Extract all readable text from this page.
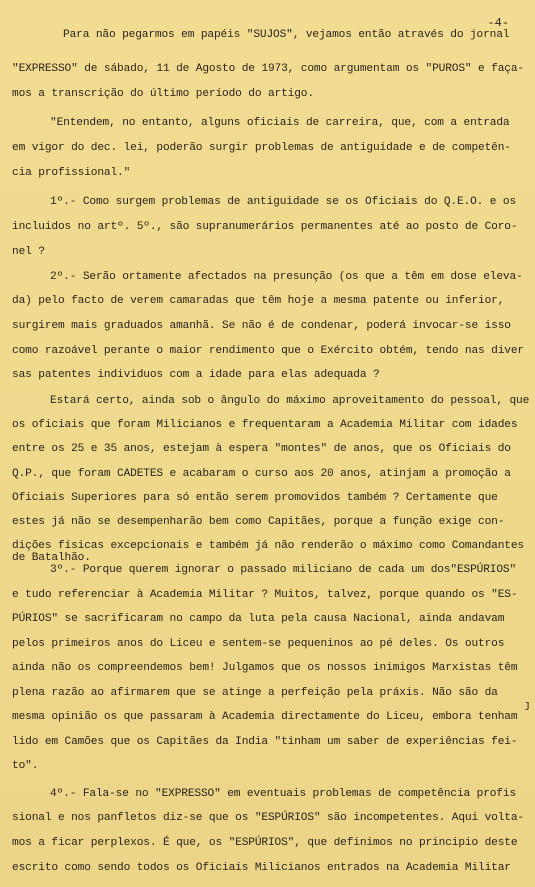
-4-
Para não pegarmos em papéis "SUJOS", vejamos então através do jornal
"EXPRESSO" de sábado, 11 de Agosto de 1973, como argumentam os "PUROS" e faça-
mos a transcrição do último período do artigo.
"Entendem, no entanto, alguns oficiais de carreira, que, com a entrada
em vigor do dec. lei, poderão surgir problemas de antiguidade e de competên-
cia profissional."
1º.- Como surgem problemas de antiguidade se os Oficiais do Q.E.O. e os
incluidos no artº. 5º., são supranumerários permanentes até ao posto de Coro-
nel ?
2º.- Serão ortamente afectados na presunção (os que a têm em dose eleva-
da) pelo facto de verem camaradas que têm hoje a mesma patente ou inferior,
surgirem mais graduados amanhã. Se não é de condenar, poderá invocar-se isso
como razoável perante o maior rendimento que o Exército obtém, tendo nas diver
sas patentes individuos com a idade para elas adequada ?
Estará certo, ainda sob o ângulo do máximo aproveitamento do pessoal, que
os oficiais que foram Milicianos e frequentaram a Academia Militar com idades
entre os 25 e 35 anos, estejam à espera "montes" de anos, que os Oficiais do
Q.P., que foram CADETES e acabaram o curso aos 20 anos, atinjam a promoção a
Oficiais Superiores para só então serem promovidos também ? Certamente que
estes já não se desempenharão bem como Capitães, porque a função exige con-
dições físicas excepcionais e também já não renderão o máximo como Comandantes
de Batalhão.
3º.- Porque querem ignorar o passado miliciano de cada um dos"ESPÚRIOS"
e tudo referenciar à Academia Militar ? Muitos, talvez, porque quando os "ES-
PÚRIOS" se sacrificaram no campo da luta pela causa Nacional, ainda andavam
pelos primeiros anos do Liceu e sentem-se pequeninos ao pé deles. Os outros
ainda não os compreendemos bem! Julgamos que os nossos inimigos Marxistas têm
plena razão ao afirmarem que se atinge a perfeição pela práxis. Não são da
mesma opinião os que passaram à Academia directamente do Liceu, embora tenham
lido em Camões que os Capitães da India "tinham um saber de experiências fei-
to".
4º.- Fala-se no "EXPRESSO" em eventuais problemas de competência profis
sional e nos panfletos diz-se que os "ESPÚRIOS" são incompetentes. Aqui volta-
mos a ficar perplexos. É que, os "ESPÚRIOS", que definimos no principio deste
escrito como sendo todos os Oficiais Milicianos entrados na Academia Militar
ȷ
